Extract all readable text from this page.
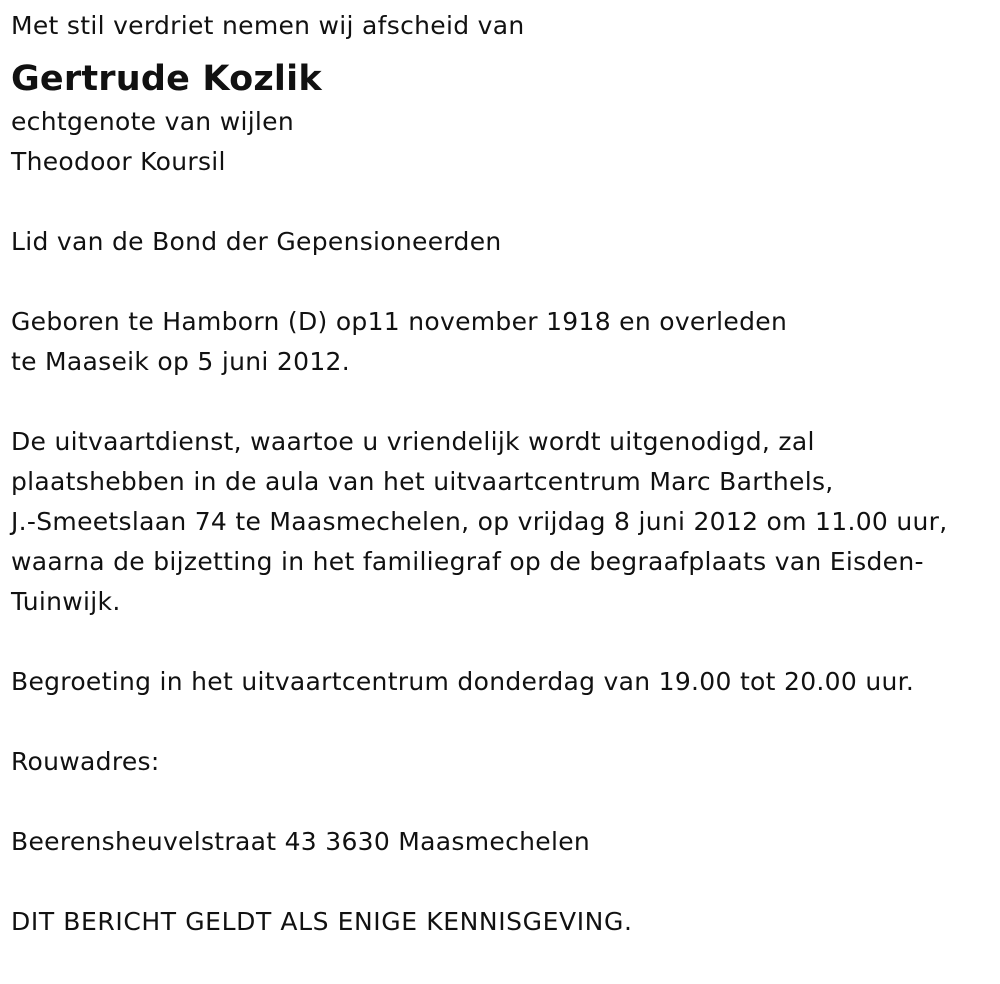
Met stil verdriet nemen wij afscheid van

Gertrude Kozlik

echtgenote van wijlen

Theodoor Koursil

Lid van de Bond der Gepensioneerden

Geboren te Hamborn (D) op11 november 1918 en overleden

te Maaseik op 5 juni 2012.

De uitvaartdienst, waartoe u vriendelijk wordt uitgenodigd, zal

plaatshebben in de aula van het uitvaartcentrum Marc Barthels,

J.-Smeetslaan 74 te Maasmechelen, op vrijdag 8 juni 2012 om 11.00 uur,

waarna de bijzetting in het familiegraf op de begraafplaats van Eisden-

Tuinwijk.

Begroeting in het uitvaartcentrum donderdag van 19.00 tot 20.00 uur.

Rouwadres:

Beerensheuvelstraat 43 3630 Maasmechelen

DIT BERICHT GELDT ALS ENIGE KENNISGEVING.
